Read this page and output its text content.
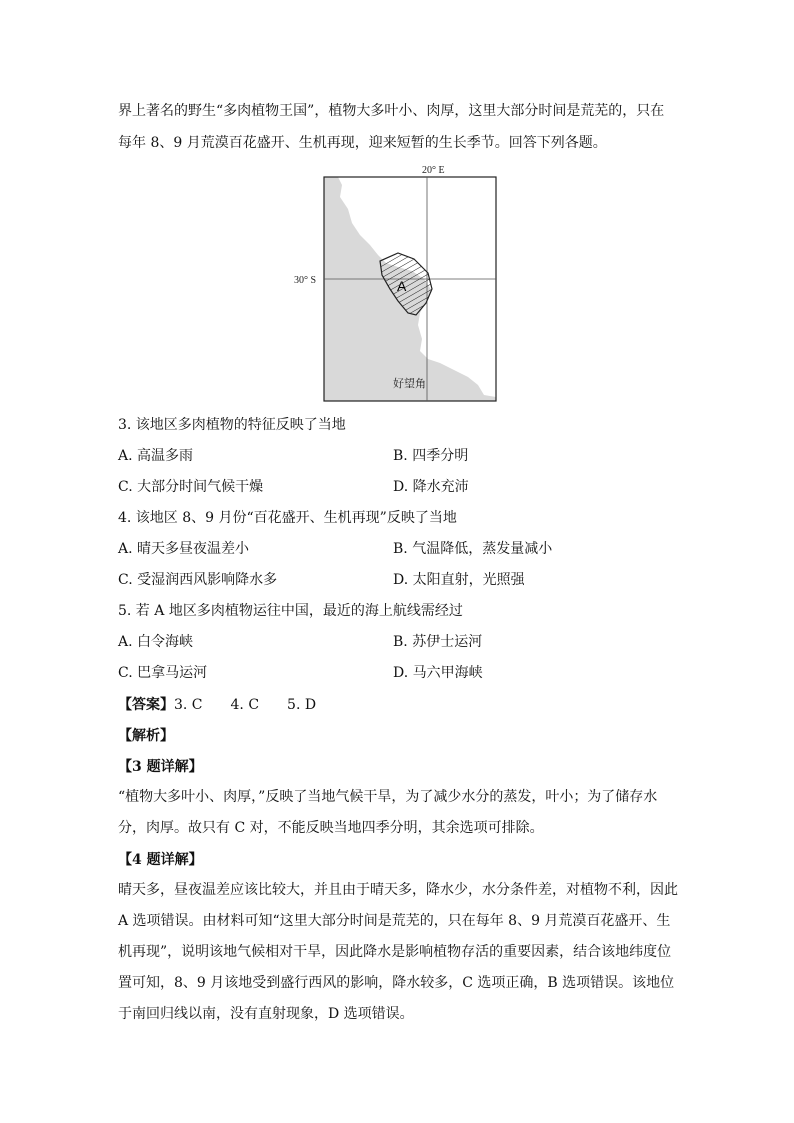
界上著名的野生“多肉植物王国”，植物大多叶小、肉厚，这里大部分时间是荒芜的，只在
每年 8、9 月荒漠百花盛开、生机再现，迎来短暂的生长季节。回答下列各题。
A
20° E
30° S
好望角
3. 该地区多肉植物的特征反映了当地
A. 高温多雨	B. 四季分明
C. 大部分时间气候干燥	D. 降水充沛
4. 该地区 8、9 月份“百花盛开、生机再现”反映了当地
A. 晴天多昼夜温差小	B. 气温降低，蒸发量减小
C. 受湿润西风影响降水多	D. 太阳直射，光照强
5. 若 A 地区多肉植物运往中国，最近的海上航线需经过
A. 白令海峡	B. 苏伊士运河
C. 巴拿马运河	D. 马六甲海峡
【答案】3. C　　4. C　　5. D
【解析】
【3 题详解】

“植物大多叶小、肉厚，”反映了当地气候干旱，为了减少水分的蒸发，叶小；为了储存水分，肉厚。故只有 C 对，不能反映当地四季分明，其余选项可排除。

【4 题详解】

晴天多，昼夜温差应该比较大，并且由于晴天多，降水少，水分条件差，对植物不利，因此 A 选项错误。由材料可知“这里大部分时间是荒芜的，只在每年 8、9 月荒漠百花盛开、生机再现”，说明该地气候相对干旱，因此降水是影响植物存活的重要因素，结合该地纬度位置可知，8、9 月该地受到盛行西风的影响，降水较多，C 选项正确，B 选项错误。该地位于南回归线以南，没有直射现象，D 选项错误。
